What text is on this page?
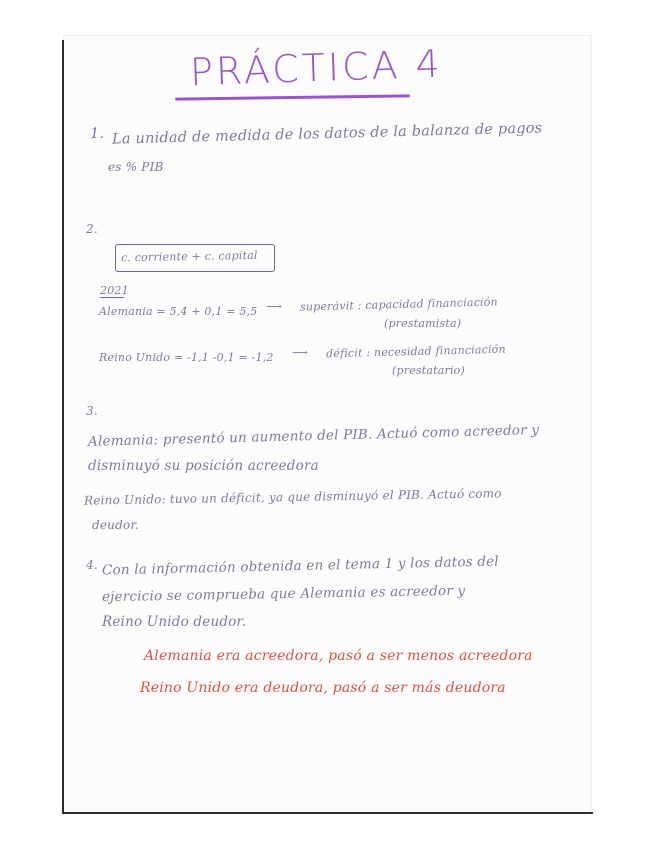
PRÁCTICA 4
1. La unidad de medida de los datos de la balanza de pagos
es % PIB
2.
c. corriente + c. capital
2021
Alemania = 5,4 + 0,1 = 5,5 ⟶ superávit : capacidad financiación
(prestamista)
Reino Unido = -1,1 -0,1 = -1,2 ⟶ déficit : necesidad financiación
(prestatario)
3.
Alemania: presentó un aumento del PIB. Actuó como acreedor y
disminuyó su posición acreedora
Reino Unido: tuvo un déficit, ya que disminuyó el PIB. Actuó como
deudor.
4. Con la información obtenida en el tema 1 y los datos del
ejercicio se comprueba que Alemania es acreedor y
Reino Unido deudor.
Alemania era acreedora, pasó a ser menos acreedora
Reino Unido era deudora, pasó a ser más deudora
